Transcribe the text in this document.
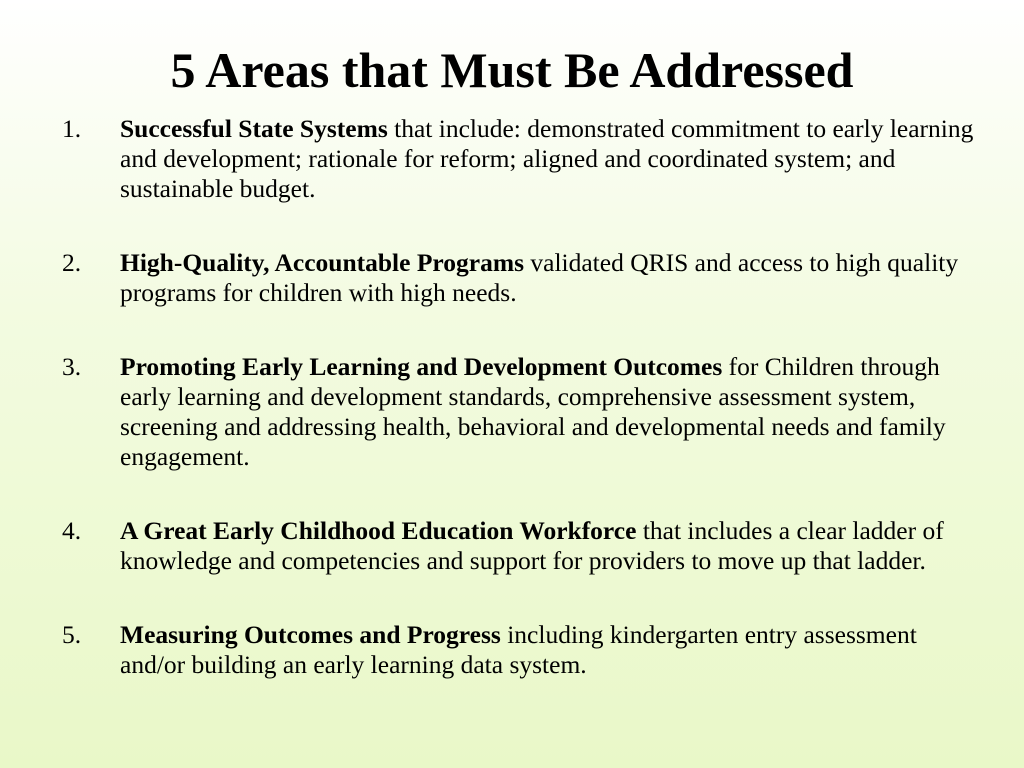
5 Areas that Must Be Addressed
1. Successful State Systems that include: demonstrated commitment to early learning and development; rationale for reform; aligned and coordinated system; and sustainable budget.
2. High-Quality, Accountable Programs validated QRIS and access to high quality programs for children with high needs.
3. Promoting Early Learning and Development Outcomes for Children through early learning and development standards, comprehensive assessment system, screening and addressing health, behavioral and developmental needs and family engagement.
4. A Great Early Childhood Education Workforce that includes a clear ladder of knowledge and competencies and support for providers to move up that ladder.
5. Measuring Outcomes and Progress including kindergarten entry assessment and/or building an early learning data system.
